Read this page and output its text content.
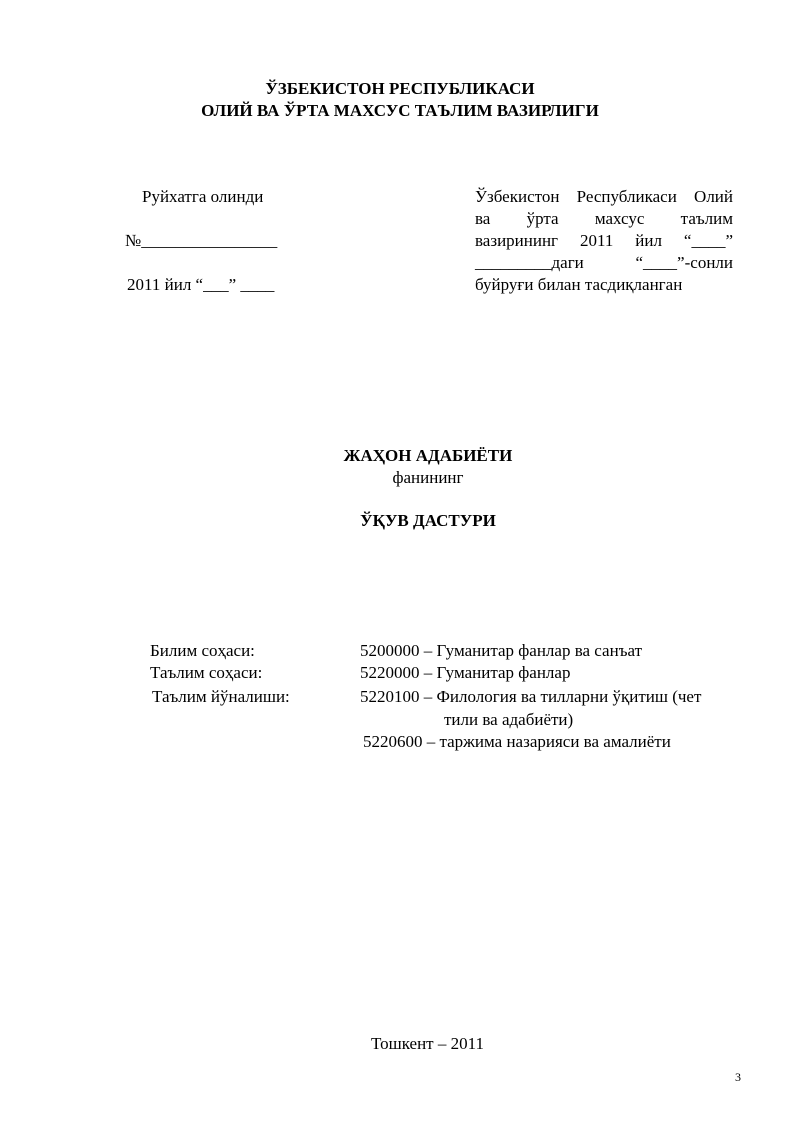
ЎЗБЕКИСТОН РЕСПУБЛИКАСИ
ОЛИЙ ВА ЎРТА МАХСУС ТАЪЛИМ ВАЗИРЛИГИ
Руйхатга олинди
№________________
2011 йил “___” ____
Ўзбекистон Республикаси Олий
ва ўрта махсус таълим
вазирининг 2011 йил “____”
_________даги “____”-сонли
буйруғи билан тасдиқланган
ЖАҲОН АДАБИЁТИ
фанининг
ЎҚУВ ДАСТУРИ
Билим соҳаси:	5200000 – Гуманитар фанлар ва санъат
Таълим соҳаси:	5220000 – Гуманитар фанлар
Таълим йўналиши:	5220100 – Филология ва тилларни ўқитиш (чет
тили ва адабиёти)
5220600 – таржима назарияси ва амалиёти
Тошкент – 2011
3
